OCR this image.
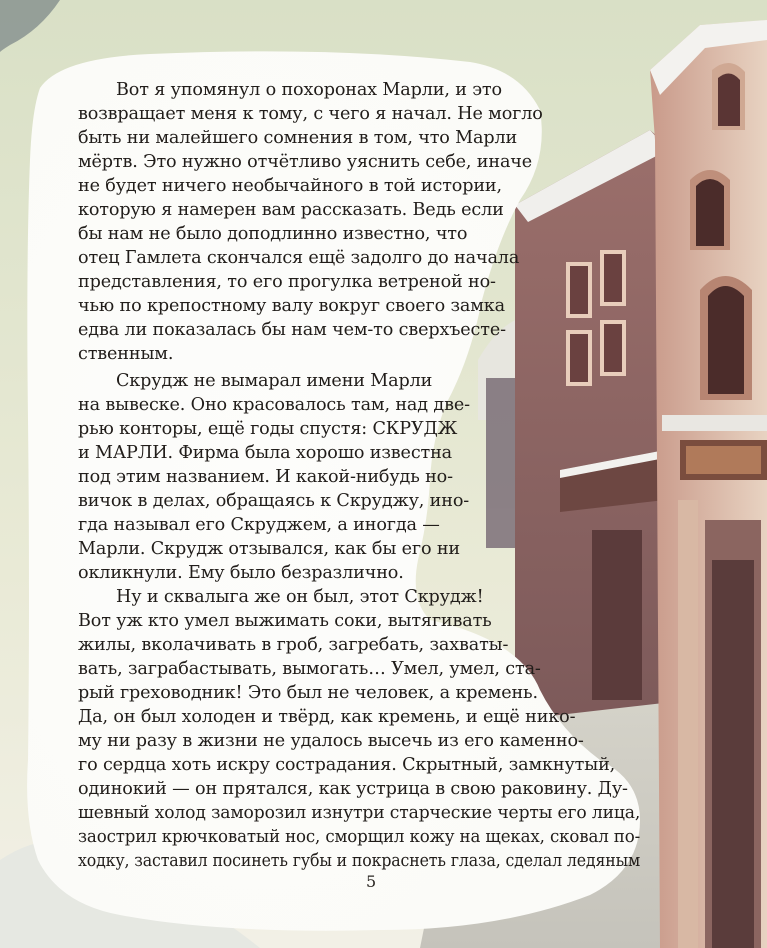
Вот я упомянул о похоронах Марли, и это
возвращает меня к тому, с чего я начал. Не могло
быть ни малейшего сомнения в том, что Марли
мёртв. Это нужно отчётливо уяснить себе, иначе
не будет ничего необычайного в той истории,
которую я намерен вам рассказать. Ведь если
бы нам не было доподлинно известно, что
отец Гамлета скончался ещё задолго до начала
представления, то его прогулка ветреной но-
чью по крепостному валу вокруг своего замка
едва ли показалась бы нам чем-то сверхъесте-
ственным.
Скрудж не вымарал имени Марли
на вывеске. Оно красовалось там, над две-
рью конторы, ещё годы спустя: СКРУДЖ
и МАРЛИ. Фирма была хорошо известна
под этим названием. И какой-нибудь но-
вичок в делах, обращаясь к Скруджу, ино-
гда называл его Скруджем, а иногда —
Марли. Скрудж отзывался, как бы его ни
окликнули. Ему было безразлично.
Ну и сквалыга же он был, этот Скрудж!
Вот уж кто умел выжимать соки, вытягивать
жилы, вколачивать в гроб, загребать, захваты-
вать, заграбастывать, вымогать… Умел, умел, ста-
рый греховодник! Это был не человек, а кремень.
Да, он был холоден и твёрд, как кремень, и ещё нико-
му ни разу в жизни не удалось высечь из его каменно-
го сердца хоть искру сострадания. Скрытный, замкнутый,
одинокий — он прятался, как устрица в свою раковину. Ду-
шевный холод заморозил изнутри старческие черты его лица,
заострил крючковатый нос, сморщил кожу на щеках, сковал по-
ходку, заставил посинеть губы и покраснеть глаза, сделал ледяным
5
